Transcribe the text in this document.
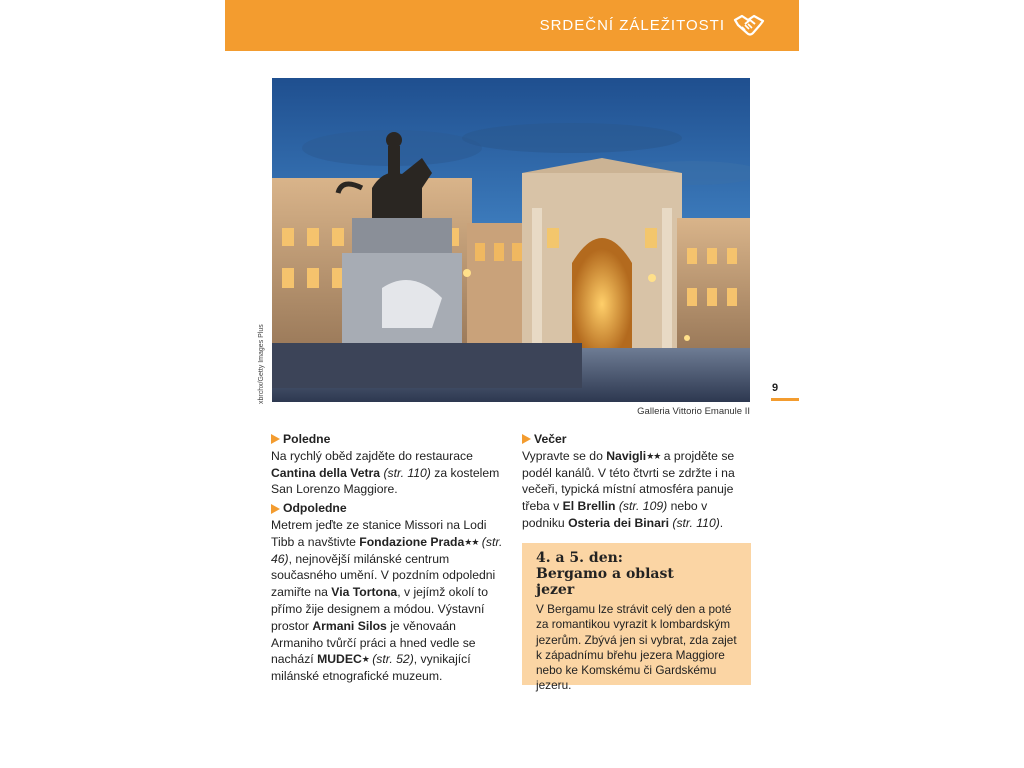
SRDEČNÍ ZÁLEŽITOSTI
xbrchx/Getty Images Plus
Galleria Vittorio Emanule II
9
Poledne

Na rychlý oběd zajděte do restaurace Cantina della Vetra (str. 110) za kostelem San Lorenzo Maggiore.

Odpoledne

Metrem jeďte ze stanice Missori na Lodi Tibb a navštivte Fondazione Prada★★ (str. 46), nejnovější milánské centrum současného umění. V pozdním odpoledni zamiřte na Via Tortona, v jejímž okolí to přímo žije designem a módou. Výstavní prostor Armani Silos je věnovaán Armaniho tvůrčí práci a hned vedle se nachází MUDEC★ (str. 52), vynikající milánské etnografické muzeum.

Večer

Vypravte se do Navigli★★ a projděte se podél kanálů. V této čtvrti se zdržte i na večeři, typická místní atmosféra panuje třeba v El Brellin (str. 109) nebo v podniku Osteria dei Binari (str. 110).

4. a 5. den: Bergamo a oblast jezer
V Bergamu lze strávit celý den a poté za romantikou vyrazit k lombardským jezerům. Zbývá jen si vybrat, zda zajet k západnímu břehu jezera Maggiore nebo ke Komskému či Gardskému jezeru.
